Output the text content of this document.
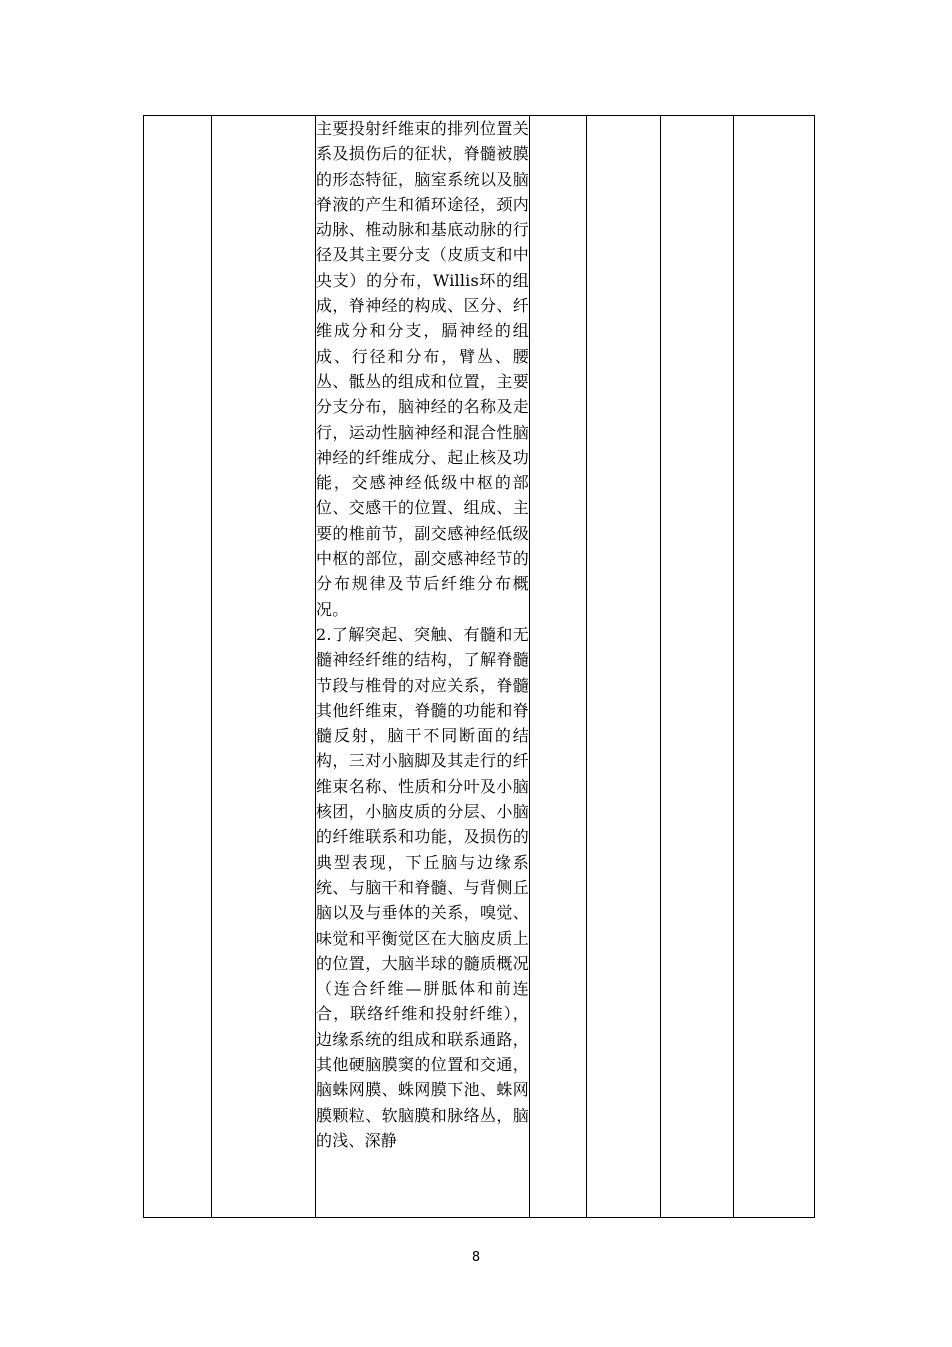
主要投射纤维束的排列位置关系及损伤后的征状，脊髓被膜的形态特征，脑室系统以及脑脊液的产生和循环途径，颈内动脉、椎动脉和基底动脉的行径及其主要分支（皮质支和中央支）的分布，Willis环的组成，脊神经的构成、区分、纤维成分和分支，膈神经的组成、行径和分布，臂丛、腰丛、骶丛的组成和位置，主要分支分布，脑神经的名称及走行，运动性脑神经和混合性脑神经的纤维成分、起止核及功能，交感神经低级中枢的部位、交感干的位置、组成、主要的椎前节，副交感神经低级中枢的部位，副交感神经节的分布规律及节后纤维分布概况。
2.了解突起、突触、有髓和无髓神经纤维的结构，了解脊髓节段与椎骨的对应关系，脊髓其他纤维束，脊髓的功能和脊髓反射，脑干不同断面的结构，三对小脑脚及其走行的纤维束名称、性质和分叶及小脑核团，小脑皮质的分层、小脑的纤维联系和功能，及损伤的典型表现，下丘脑与边缘系统、与脑干和脊髓、与背侧丘脑以及与垂体的关系，嗅觉、味觉和平衡觉区在大脑皮质上的位置，大脑半球的髓质概况（连合纤维—胼胝体和前连合，联络纤维和投射纤维），边缘系统的组成和联系通路，其他硬脑膜窦的位置和交通，脑蛛网膜、蛛网膜下池、蛛网膜颗粒、软脑膜和脉络丛，脑的浅、深静

8
